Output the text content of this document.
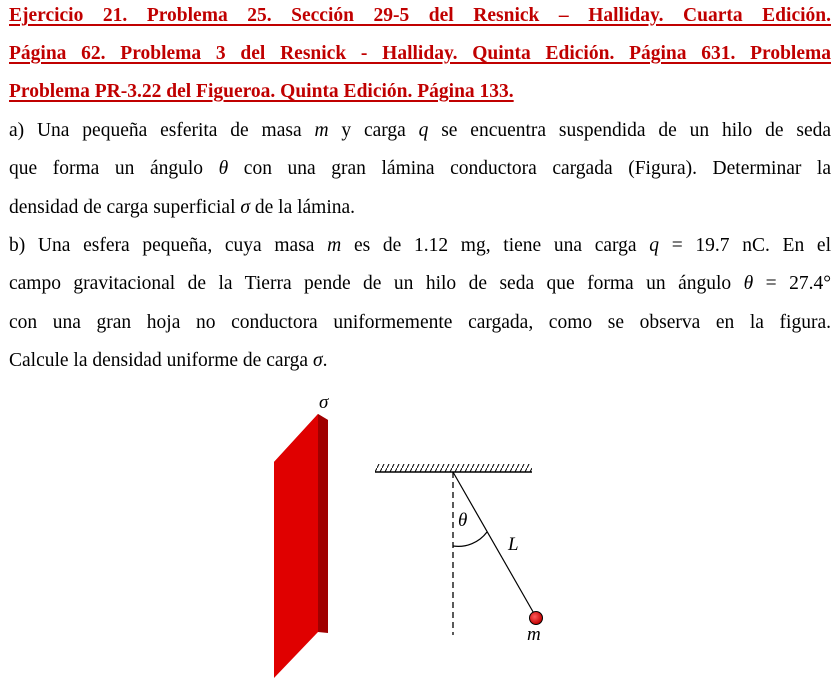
Ejercicio 21. Problema 25. Sección 29-5 del Resnick – Halliday. Cuarta Edición.
Página 62. Problema 3 del Resnick - Halliday. Quinta Edición. Página 631. Problema
Problema PR-3.22 del Figueroa. Quinta Edición. Página 133.
a) Una pequeña esferita de masa m y carga q se encuentra suspendida de un hilo de seda
que forma un ángulo θ con una gran lámina conductora cargada (Figura). Determinar la
densidad de carga superficial σ de la lámina.
b) Una esfera pequeña, cuya masa m es de 1.12 mg, tiene una carga q = 19.7 nC. En el
campo gravitacional de la Tierra pende de un hilo de seda que forma un ángulo θ = 27.4°
con una gran hoja no conductora uniformemente cargada, como se observa en la figura.
Calcule la densidad uniforme de carga σ.
σ
θ
L
m
